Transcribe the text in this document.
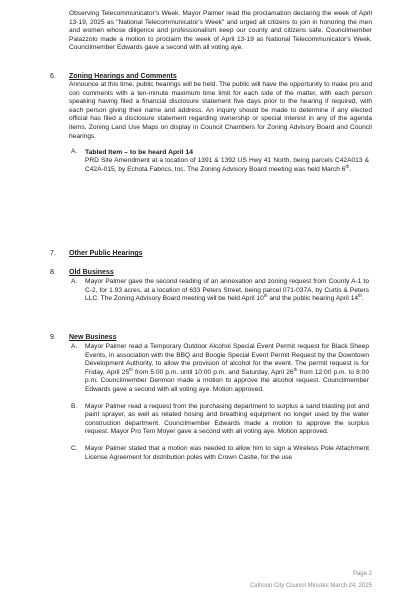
Observing Telecommunicator's Week. Mayor Palmer read the proclamation declaring the week of April 13-19, 2025 as "National Telecommunicator's Week" and urged all citizens to join in honoring the men and women whose diligence and professionalism keep our county and citizens safe. Councilmember Palazzolo made a motion to proclaim the week of April 13-19 as National Telecommunicator's Week. Councilmember Edwards gave a second with all voting aye.

6. Zoning Hearings and Comments

Announce at this time, public hearings will be held. The public will have the opportunity to make pro and con comments with a ten-minute maximum time limit for each side of the matter, with each person speaking having filed a financial disclosure statement five days prior to the hearing if required, with each person giving their name and address. An inquiry should be made to determine if any elected official has filed a disclosure statement regarding ownership or special interest in any of the agenda items. Zoning Land Use Maps on display in Council Chambers for Zoning Advisory Board and Council hearings.

A. Tabled Item – to be heard April 14

PRD Site Amendment at a location of 1391 & 1392 US Hwy 41 North, being parcels C42A013 & C42A-015, by Echota Fabrics, Inc. The Zoning Advisory Board meeting was held March 6th.

7. Other Public Hearings
8. Old Business
A. Mayor Palmer gave the second reading of an annexation and zoning request from County A-1 to C-2, for 1.93 acres, at a location of 633 Peters Street, being parcel 071-037A, by Curtis & Peters LLC. The Zoning Advisory Board meeting will be held April 10th and the public hearing April 14th.

9. New Business
A. Mayor Palmer read a Temporary Outdoor Alcohol Special Event Permit request for Black Sheep Events, in association with the BBQ and Boogie Special Event Permit Request by the Downtown Development Authority, to allow the provision of alcohol for the event. The permit request is for Friday, April 25th from 5:00 p.m. until 10:00 p.m. and Saturday, April 26th from 12:00 p.m. to 8:00 p.m. Councilmember Denmon made a motion to approve the alcohol request. Councilmember Edwards gave a second with all voting aye. Motion approved.

B. Mayor Palmer read a request from the purchasing department to surplus a sand blasting pot and paint sprayer, as well as related hosing and breathing equipment no longer used by the water construction department. Councilmember Edwards made a motion to approve the surplus request. Mayor Pro Tem Moyer gave a second with all voting aye. Motion approved.

C. Mayor Palmer stated that a motion was needed to allow him to sign a Wireless Pole Attachment License Agreement for distribution poles with Crown Castle, for the use

Page 2
Calhoun City Council Minutes March 24, 2025
